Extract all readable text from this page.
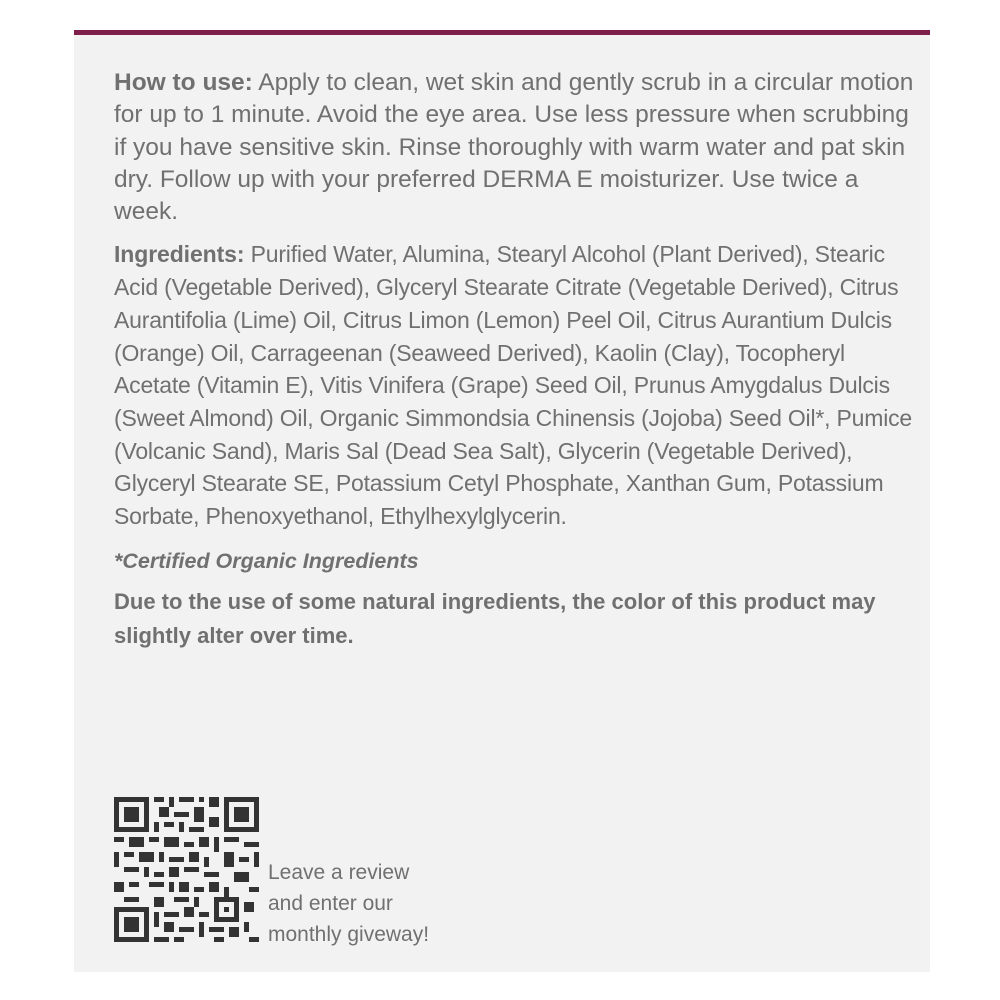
How to use: Apply to clean, wet skin and gently scrub in a circular motion for up to 1 minute. Avoid the eye area. Use less pressure when scrubbing if you have sensitive skin. Rinse thoroughly with warm water and pat skin dry. Follow up with your preferred DERMA E moisturizer. Use twice a week.

Ingredients: Purified Water, Alumina, Stearyl Alcohol (Plant Derived), Stearic Acid (Vegetable Derived), Glyceryl Stearate Citrate (Vegetable Derived), Citrus Aurantifolia (Lime) Oil, Citrus Limon (Lemon) Peel Oil, Citrus Aurantium Dulcis (Orange) Oil, Carrageenan (Seaweed Derived), Kaolin (Clay), Tocopheryl Acetate (Vitamin E), Vitis Vinifera (Grape) Seed Oil, Prunus Amygdalus Dulcis (Sweet Almond) Oil, Organic Simmondsia Chinensis (Jojoba) Seed Oil*, Pumice (Volcanic Sand), Maris Sal (Dead Sea Salt), Glycerin (Vegetable Derived), Glyceryl Stearate SE, Potassium Cetyl Phosphate, Xanthan Gum, Potassium Sorbate, Phenoxyethanol, Ethylhexylglycerin.

*Certified Organic Ingredients

Due to the use of some natural ingredients, the color of this product may slightly alter over time.

Leave a review
and enter our
monthly giveway!
